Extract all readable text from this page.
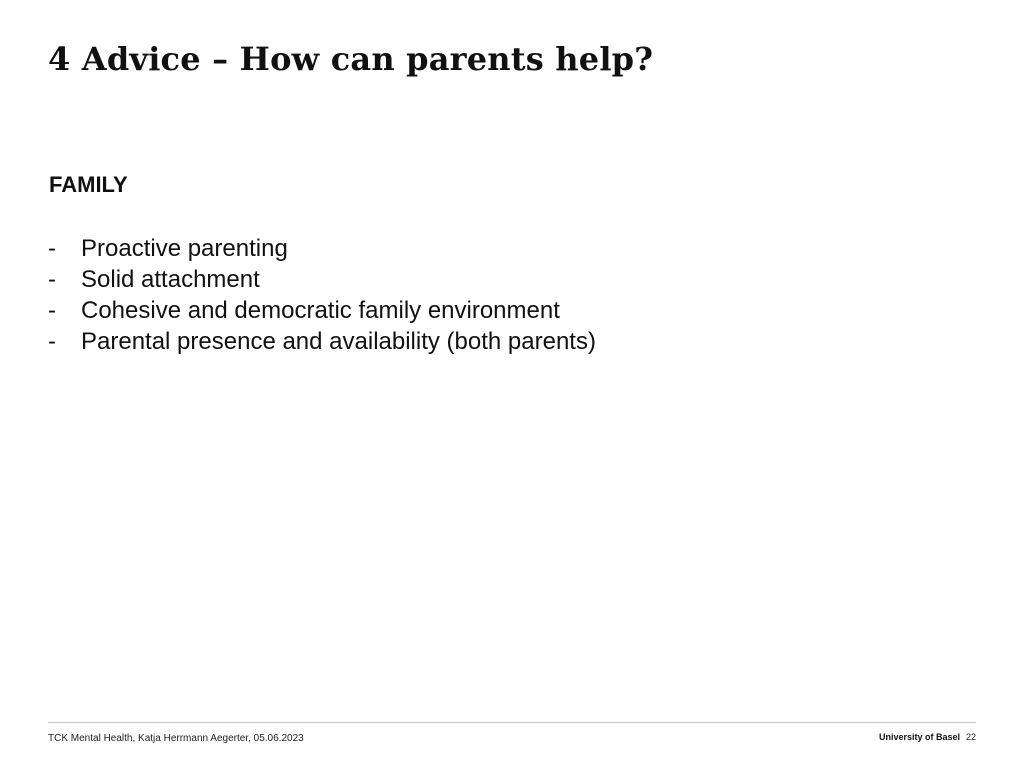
4 Advice – How can parents help?
FAMILY
-	Proactive parenting
-	Solid attachment
-	Cohesive and democratic family environment
-	Parental presence and availability (both parents)
TCK Mental Health, Katja Herrmann Aegerter, 05.06.2023	University of Basel 22
